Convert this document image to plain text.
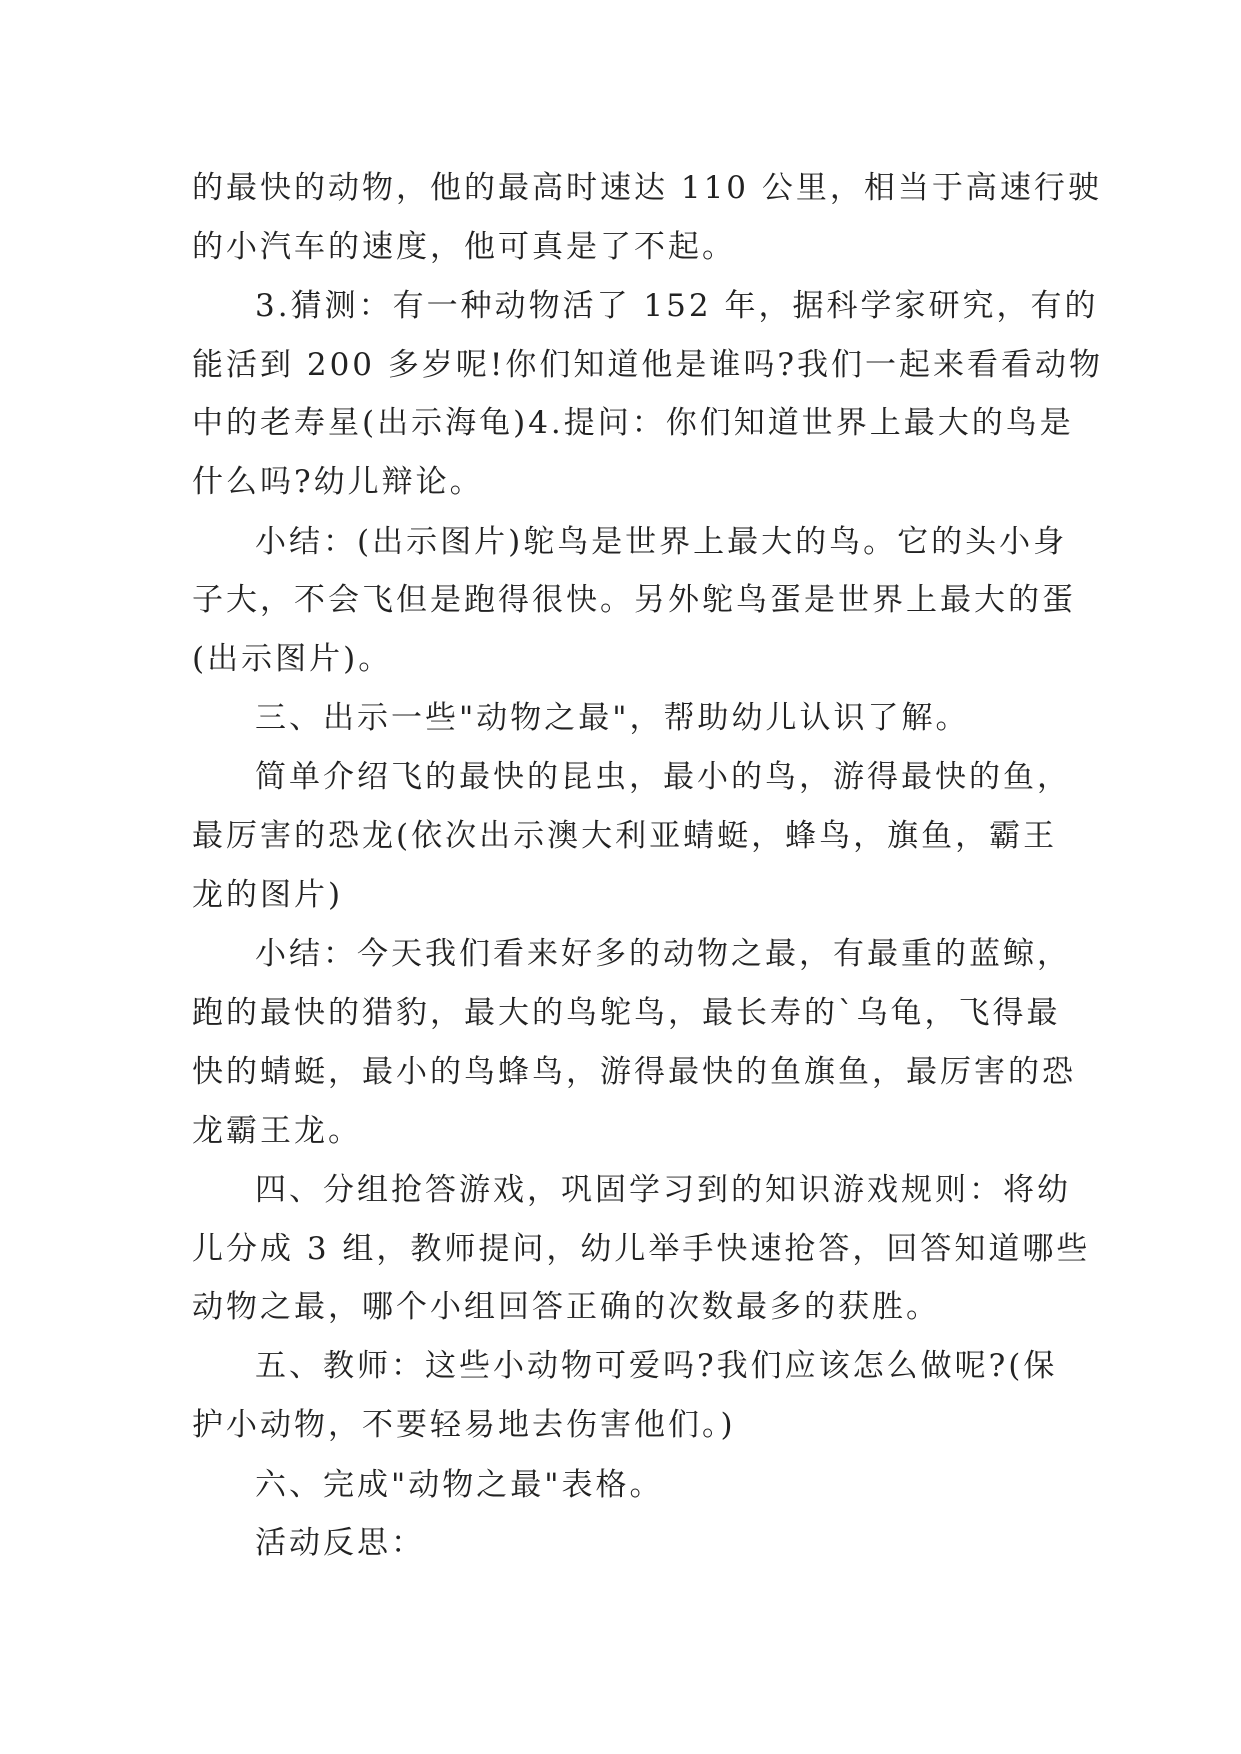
的最快的动物，他的最高时速达 110 公里，相当于高速行驶
的小汽车的速度，他可真是了不起。
3.猜测：有一种动物活了 152 年，据科学家研究，有的
能活到 200 多岁呢!你们知道他是谁吗?我们一起来看看动物
中的老寿星(出示海龟)4.提问：你们知道世界上最大的鸟是
什么吗?幼儿辩论。
小结：(出示图片)鸵鸟是世界上最大的鸟。它的头小身
子大，不会飞但是跑得很快。另外鸵鸟蛋是世界上最大的蛋
(出示图片)。
三、出示一些"动物之最"，帮助幼儿认识了解。
简单介绍飞的最快的昆虫，最小的鸟，游得最快的鱼，
最厉害的恐龙(依次出示澳大利亚蜻蜓，蜂鸟，旗鱼，霸王
龙的图片)
小结：今天我们看来好多的动物之最，有最重的蓝鲸，
跑的最快的猎豹，最大的鸟鸵鸟，最长寿的`乌龟，飞得最
快的蜻蜓，最小的鸟蜂鸟，游得最快的鱼旗鱼，最厉害的恐
龙霸王龙。
四、分组抢答游戏，巩固学习到的知识游戏规则：将幼
儿分成 3 组，教师提问，幼儿举手快速抢答，回答知道哪些
动物之最，哪个小组回答正确的次数最多的获胜。
五、教师：这些小动物可爱吗?我们应该怎么做呢?(保
护小动物，不要轻易地去伤害他们。)
六、完成"动物之最"表格。
活动反思：
